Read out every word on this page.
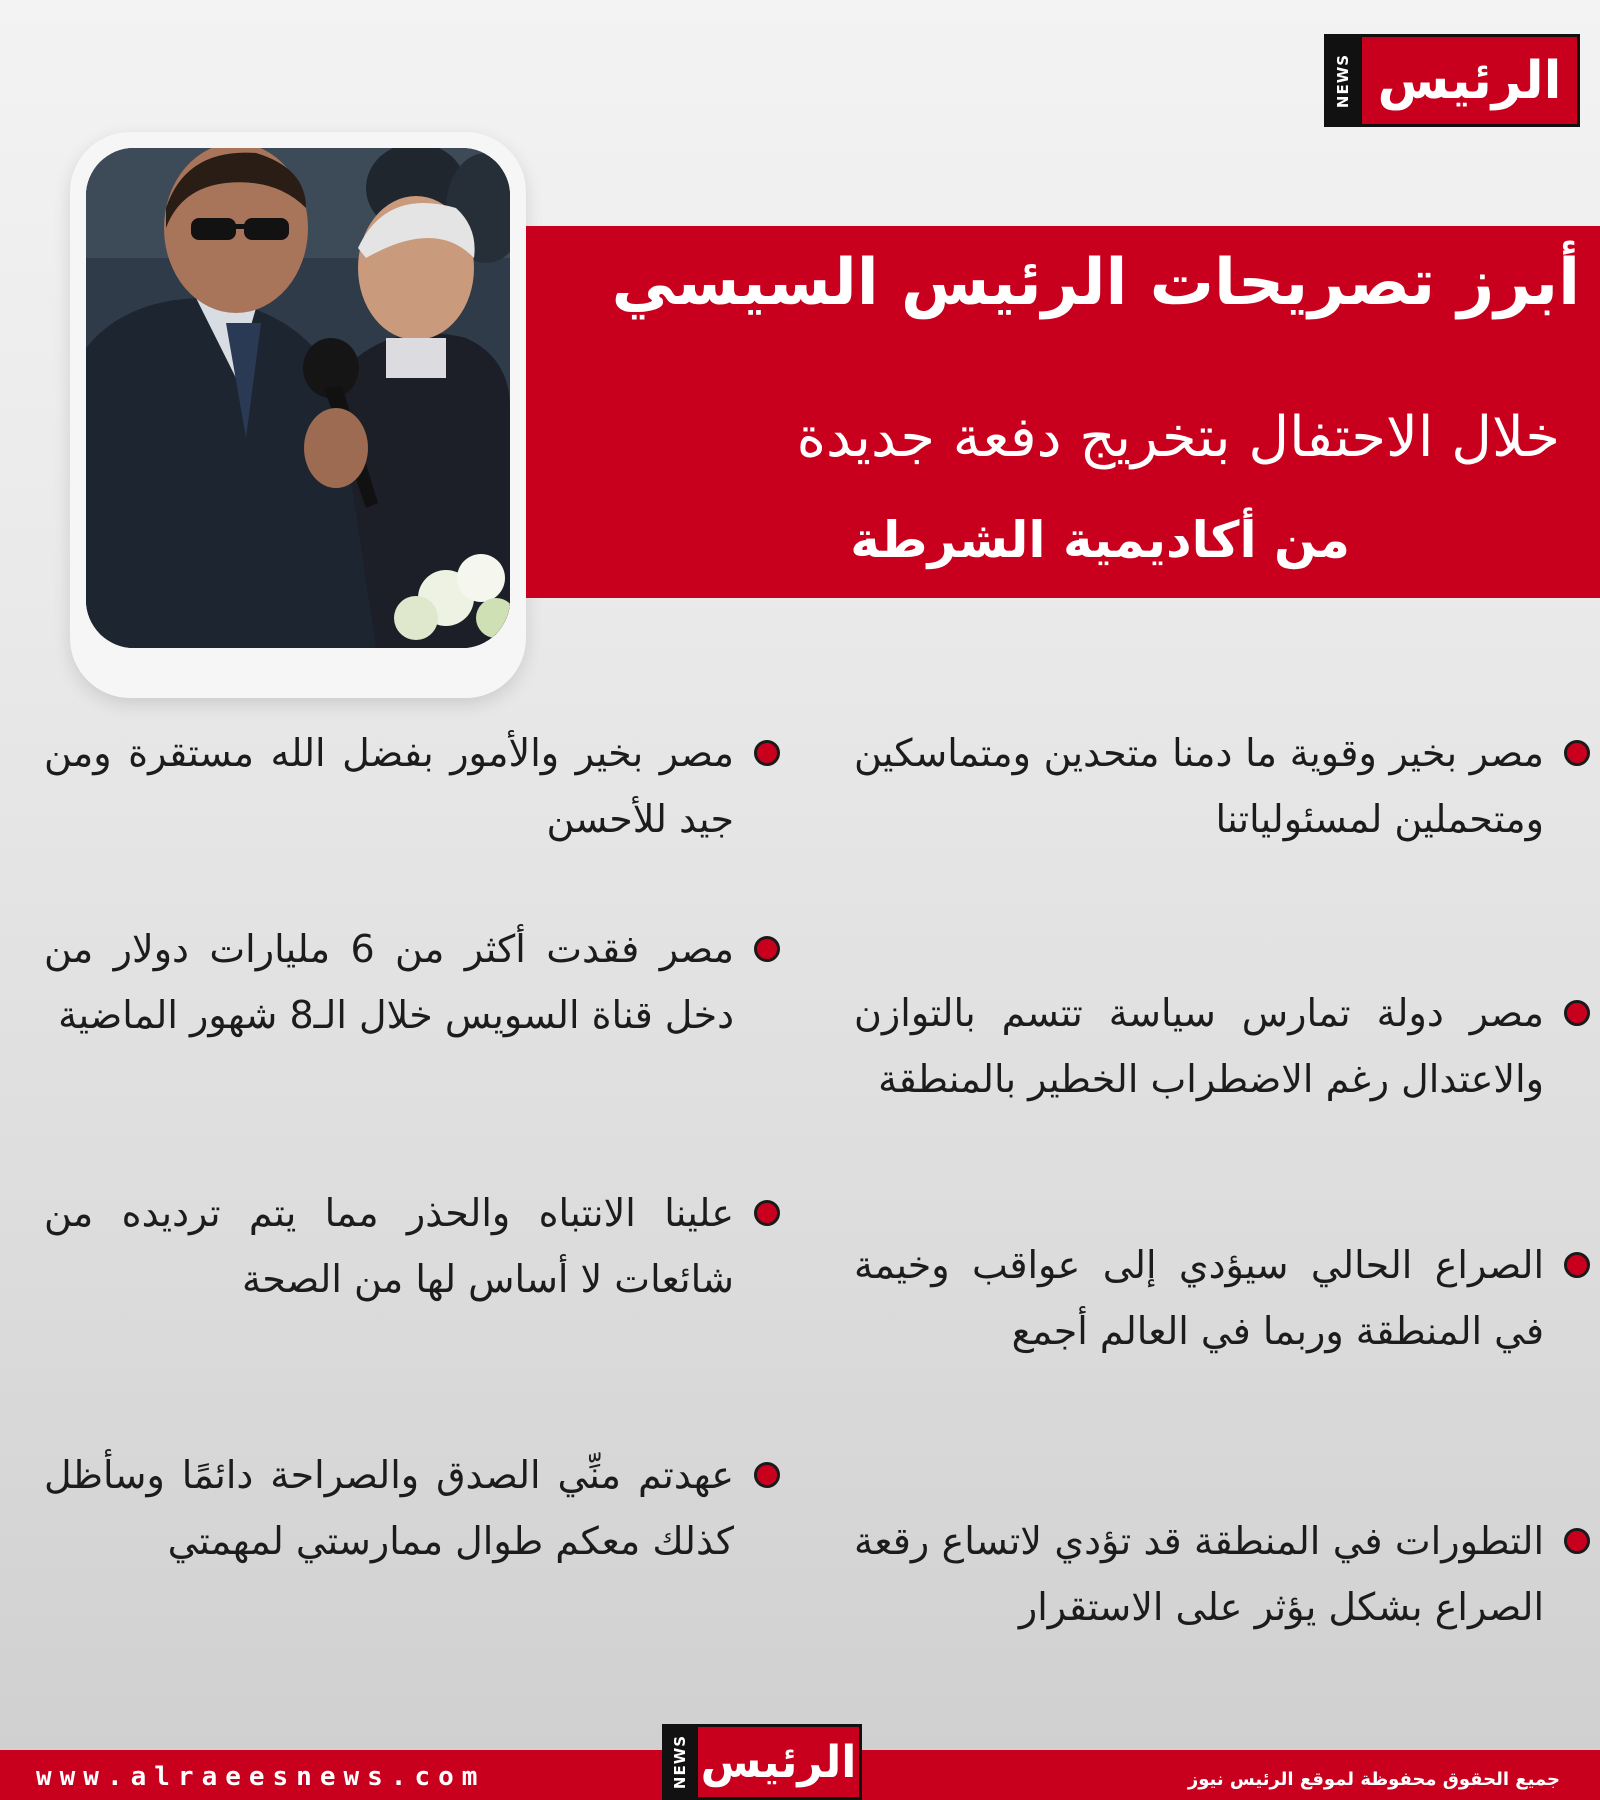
NEWS الرئيس
أبرز تصريحات الرئيس السيسي
خلال الاحتفال بتخريج دفعة جديدة
من أكاديمية الشرطة
مصر بخير وقوية ما دمنا متحدين ومتماسكين ومتحملين لمسئولياتنا
مصر دولة تمارس سياسة تتسم بالتوازن والاعتدال رغم الاضطراب الخطير بالمنطقة
الصراع الحالي سيؤدي إلى عواقب وخيمة في المنطقة وربما في العالم أجمع
التطورات في المنطقة قد تؤدي لاتساع رقعة الصراع بشكل يؤثر على الاستقرار
مصر بخير والأمور بفضل الله مستقرة ومن جيد للأحسن
مصر فقدت أكثر من 6 مليارات دولار من دخل قناة السويس خلال الـ8 شهور الماضية
علينا الانتباه والحذر مما يتم ترديده من شائعات لا أساس لها من الصحة
عهدتم منِّي الصدق والصراحة دائمًا وسأظل كذلك معكم طوال ممارستي لمهمتي
www.alraeesnews.com	جميع الحقوق محفوظة لموقع الرئيس نيوز
NEWS الرئيس
